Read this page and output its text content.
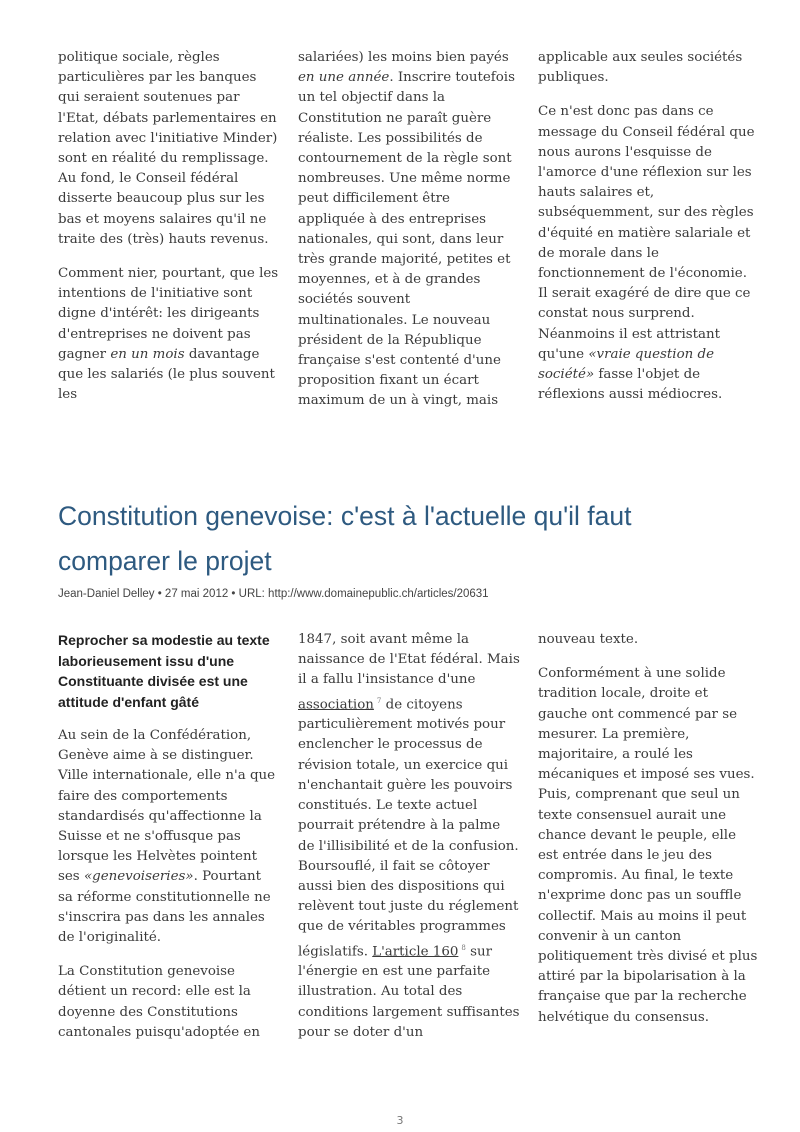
politique sociale, règles particulières par les banques qui seraient soutenues par l'Etat, débats parlementaires en relation avec l'initiative Minder) sont en réalité du remplissage. Au fond, le Conseil fédéral disserte beaucoup plus sur les bas et moyens salaires qu'il ne traite des (très) hauts revenus.

Comment nier, pourtant, que les intentions de l'initiative sont digne d'intérêt: les dirigeants d'entreprises ne doivent pas gagner en un mois davantage que les salariés (le plus souvent les

salariées) les moins bien payés en une année. Inscrire toutefois un tel objectif dans la Constitution ne paraît guère réaliste. Les possibilités de contournement de la règle sont nombreuses. Une même norme peut difficilement être appliquée à des entreprises nationales, qui sont, dans leur très grande majorité, petites et moyennes, et à de grandes sociétés souvent multinationales. Le nouveau président de la République française s'est contenté d'une proposition fixant un écart maximum de un à vingt, mais

applicable aux seules sociétés publiques.

Ce n'est donc pas dans ce message du Conseil fédéral que nous aurons l'esquisse de l'amorce d'une réflexion sur les hauts salaires et, subséquemment, sur des règles d'équité en matière salariale et de morale dans le fonctionnement de l'économie. Il serait exagéré de dire que ce constat nous surprend. Néanmoins il est attristant qu'une «vraie question de société» fasse l'objet de réflexions aussi médiocres.

Constitution genevoise: c'est à l'actuelle qu'il faut comparer le projet
Jean-Daniel Delley • 27 mai 2012 • URL: http://www.domainepublic.ch/articles/20631

Reprocher sa modestie au texte laborieusement issu d'une Constituante divisée est une attitude d'enfant gâté

Au sein de la Confédération, Genève aime à se distinguer. Ville internationale, elle n'a que faire des comportements standardisés qu'affectionne la Suisse et ne s'offusque pas lorsque les Helvètes pointent ses «genevoiseries». Pourtant sa réforme constitutionnelle ne s'inscrira pas dans les annales de l'originalité.

La Constitution genevoise détient un record: elle est la doyenne des Constitutions cantonales puisqu'adoptée en

1847, soit avant même la naissance de l'Etat fédéral. Mais il a fallu l'insistance d'une association $^7$ de citoyens particulièrement motivés pour enclencher le processus de révision totale, un exercice qui n'enchantait guère les pouvoirs constitués. Le texte actuel pourrait prétendre à la palme de l'illisibilité et de la confusion. Boursouflé, il fait se côtoyer aussi bien des dispositions qui relèvent tout juste du réglement que de véritables programmes législatifs. L'article 160 $^8$ sur l'énergie en est une parfaite illustration. Au total des conditions largement suffisantes pour se doter d'un

nouveau texte.

Conformément à une solide tradition locale, droite et gauche ont commencé par se mesurer. La première, majoritaire, a roulé les mécaniques et imposé ses vues. Puis, comprenant que seul un texte consensuel aurait une chance devant le peuple, elle est entrée dans le jeu des compromis. Au final, le texte n'exprime donc pas un souffle collectif. Mais au moins il peut convenir à un canton politiquement très divisé et plus attiré par la bipolarisation à la française que par la recherche helvétique du consensus.

3
